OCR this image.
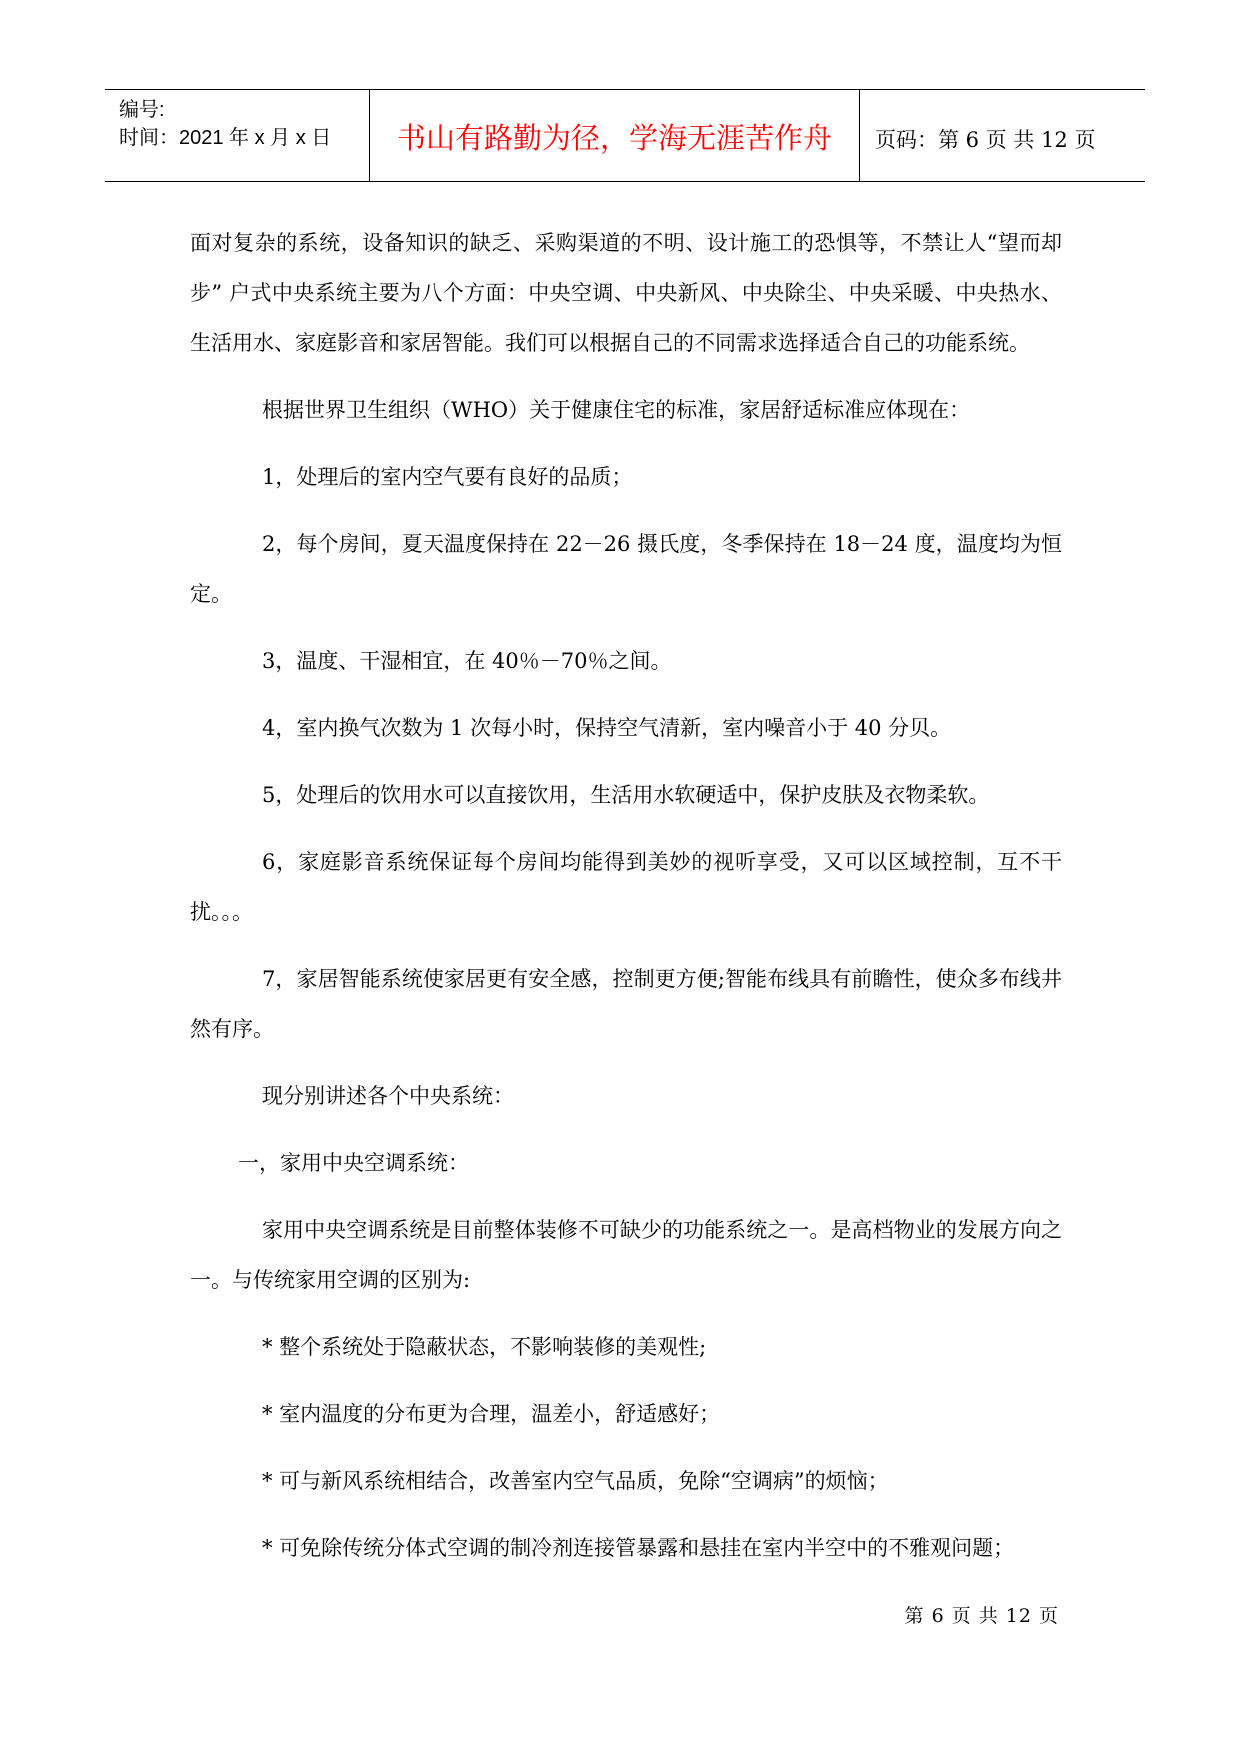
编号:
时间：2021 年 x 月 x 日	书山有路勤为径，学海无涯苦作舟	页码：第 6 页 共 12 页

面对复杂的系统，设备知识的缺乏、采购渠道的不明、设计施工的恐惧等，不禁让人“望而却步” 户式中央系统主要为八个方面：中央空调、中央新风、中央除尘、中央采暖、中央热水、生活用水、家庭影音和家居智能。我们可以根据自己的不同需求选择适合自己的功能系统。

根据世界卫生组织（WHO）关于健康住宅的标准，家居舒适标准应体现在：

1，处理后的室内空气要有良好的品质；

2，每个房间，夏天温度保持在 22－26 摄氏度，冬季保持在 18－24 度，温度均为恒定。

3，温度、干湿相宜，在 40％－70％之间。

4，室内换气次数为 1 次每小时，保持空气清新，室内噪音小于 40 分贝。

5，处理后的饮用水可以直接饮用，生活用水软硬适中，保护皮肤及衣物柔软。

6，家庭影音系统保证每个房间均能得到美妙的视听享受，又可以区域控制，互不干扰。。。

7，家居智能系统使家居更有安全感，控制更方便;智能布线具有前瞻性，使众多布线井然有序。

现分别讲述各个中央系统：

一，家用中央空调系统：

家用中央空调系统是目前整体装修不可缺少的功能系统之一。是高档物业的发展方向之一。与传统家用空调的区别为:

* 整个系统处于隐蔽状态，不影响装修的美观性;

* 室内温度的分布更为合理，温差小，舒适感好；

* 可与新风系统相结合，改善室内空气品质，免除“空调病”的烦恼；

* 可免除传统分体式空调的制冷剂连接管暴露和悬挂在室内半空中的不雅观问题；

第 6 页 共 12 页
